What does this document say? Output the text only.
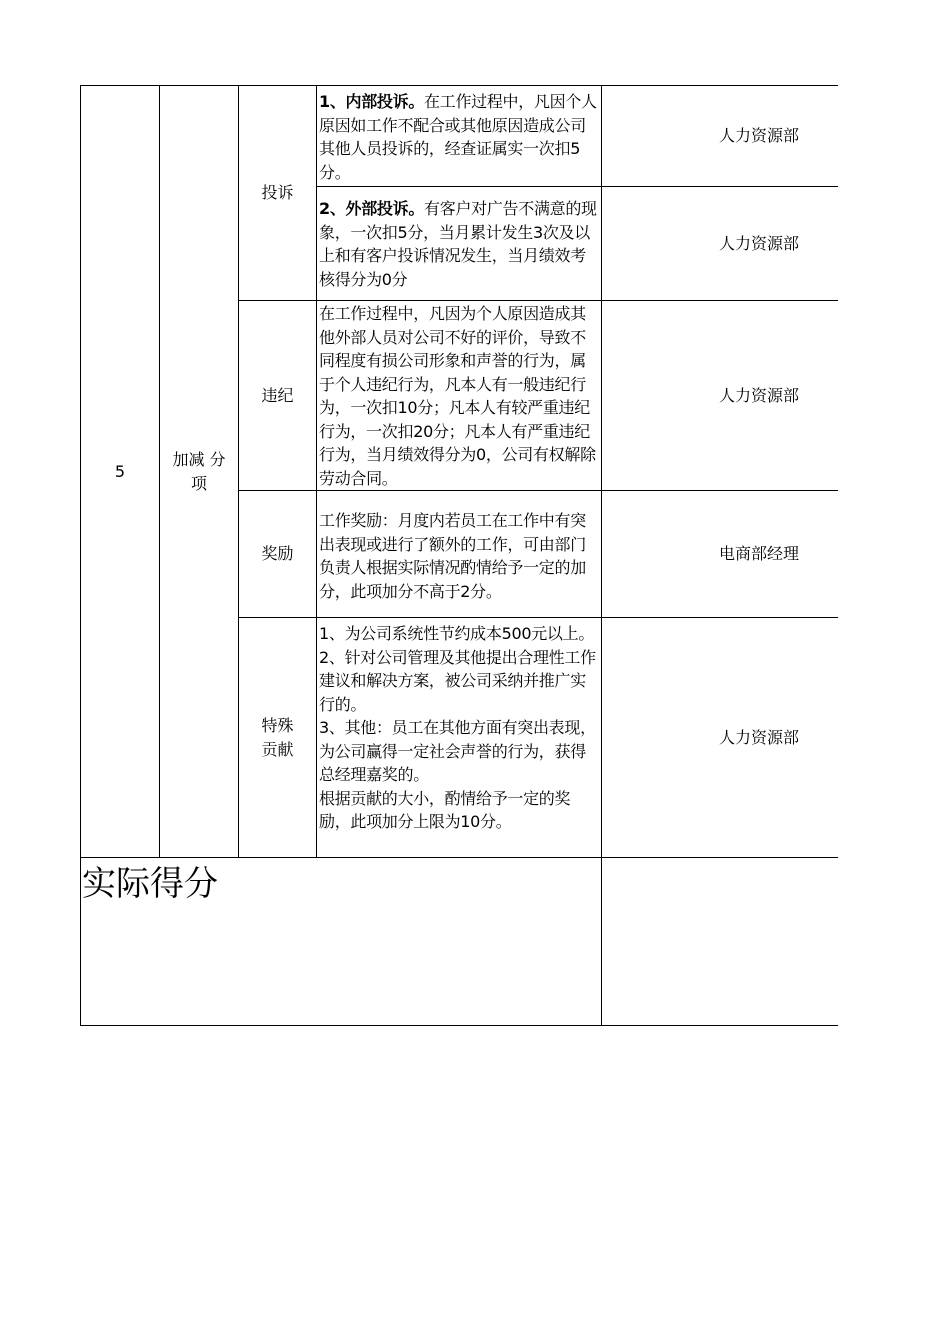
5
加减 分
项
投诉
违纪
奖励
特殊
贡献
1、内部投诉。在工作过程中，凡因个人原因如工作不配合或其他原因造成公司其他人员投诉的，经查证属实一次扣5分。
2、外部投诉。有客户对广告不满意的现象，一次扣5分，当月累计发生3次及以上和有客户投诉情况发生，当月绩效考核得分为0分
在工作过程中，凡因为个人原因造成其他外部人员对公司不好的评价，导致不同程度有损公司形象和声誉的行为，属于个人违纪行为，凡本人有一般违纪行为，一次扣10分；凡本人有较严重违纪行为，一次扣20分；凡本人有严重违纪行为，当月绩效得分为0，公司有权解除劳动合同。
工作奖励：月度内若员工在工作中有突出表现或进行了额外的工作，可由部门负责人根据实际情况酌情给予一定的加分，此项加分不高于2分。
1、为公司系统性节约成本500元以上。
2、针对公司管理及其他提出合理性工作建议和解决方案，被公司采纳并推广实行的。
3、其他：员工在其他方面有突出表现，为公司赢得一定社会声誉的行为，获得总经理嘉奖的。
根据贡献的大小，酌情给予一定的奖励，此项加分上限为10分。
人力资源部
人力资源部
人力资源部
电商部经理
人力资源部
实际得分
